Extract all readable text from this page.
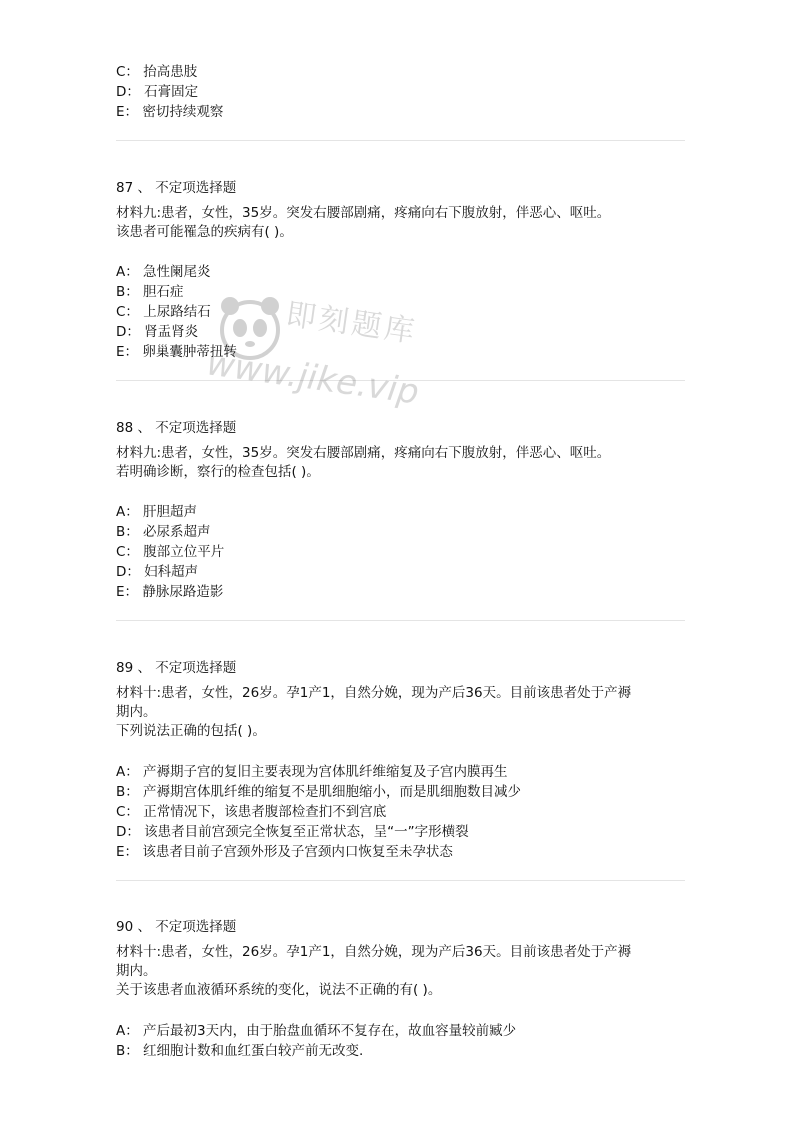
C： 抬高患肢
D： 石膏固定
E： 密切持续观察
87 、 不定项选择题
材料九:患者，女性，35岁。突发右腰部剧痛，疼痛向右下腹放射，伴恶心、呕吐。
该患者可能罹急的疾病有( )。
A： 急性阑尾炎
B： 胆石症
C： 上尿路结石
D： 肾盂肾炎
E： 卵巢囊肿蒂扭转
88 、 不定项选择题
材料九:患者，女性，35岁。突发右腰部剧痛，疼痛向右下腹放射，伴恶心、呕吐。
若明确诊断，察行的检查包括( )。
A： 肝胆超声
B： 必尿系超声
C： 腹部立位平片
D： 妇科超声
E： 静脉尿路造影
89 、 不定项选择题
材料十:患者，女性，26岁。孕1产1，自然分娩，现为产后36天。目前该患者处于产褥
期内。
下列说法正确的包括( )。
A： 产褥期子宫的复旧主要表现为宫体肌纤维缩复及子宫内膜再生
B： 产褥期宫体肌纤维的缩复不是肌细胞缩小，而是肌细胞数目减少
C： 正常情况下，该患者腹部检查扪不到宫底
D： 该患者目前宫颈完全恢复至正常状态，呈“一”字形横裂
E： 该患者目前子宫颈外形及子宫颈内口恢复至未孕状态
90 、 不定项选择题
材料十:患者，女性，26岁。孕1产1，自然分娩，现为产后36天。目前该患者处于产褥
期内。
关于该患者血液循环系统的变化，说法不正确的有( )。
A： 产后最初3天内，由于胎盘血循环不复存在，故血容量较前臧少
B： 红细胞计数和血红蛋白较产前无改变.
即刻题库
www.jike.vip
